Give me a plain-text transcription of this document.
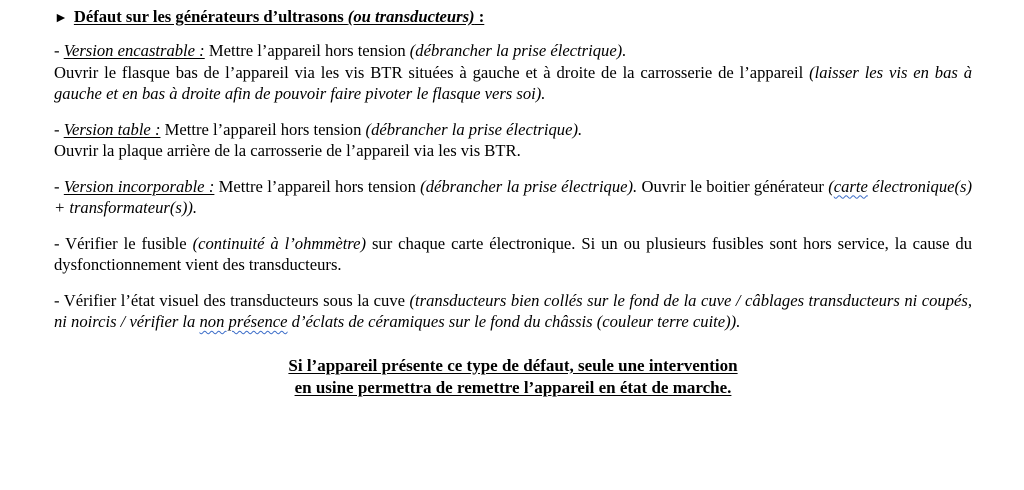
► Défaut sur les générateurs d’ultrasons (ou transducteurs) :
- Version encastrable : Mettre l’appareil hors tension (débrancher la prise électrique).
Ouvrir le flasque bas de l’appareil via les vis BTR situées à gauche et à droite de la carrosserie de l’appareil (laisser les vis en bas à gauche et en bas à droite afin de pouvoir faire pivoter le flasque vers soi).
- Version table : Mettre l’appareil hors tension (débrancher la prise électrique).
Ouvrir la plaque arrière de la carrosserie de l’appareil via les vis BTR.
- Version incorporable : Mettre l’appareil hors tension (débrancher la prise électrique). Ouvrir le boitier générateur (carte électronique(s) + transformateur(s)).
- Vérifier le fusible (continuité à l’ohmmètre) sur chaque carte électronique. Si un ou plusieurs fusibles sont hors service, la cause du dysfonctionnement vient des transducteurs.
- Vérifier l’état visuel des transducteurs sous la cuve (transducteurs bien collés sur le fond de la cuve / câblages transducteurs ni coupés, ni noircis / vérifier la non présence d’éclats de céramiques sur le fond du châssis (couleur terre cuite)).
Si l’appareil présente ce type de défaut, seule une intervention
en usine permettra de remettre l’appareil en état de marche.
